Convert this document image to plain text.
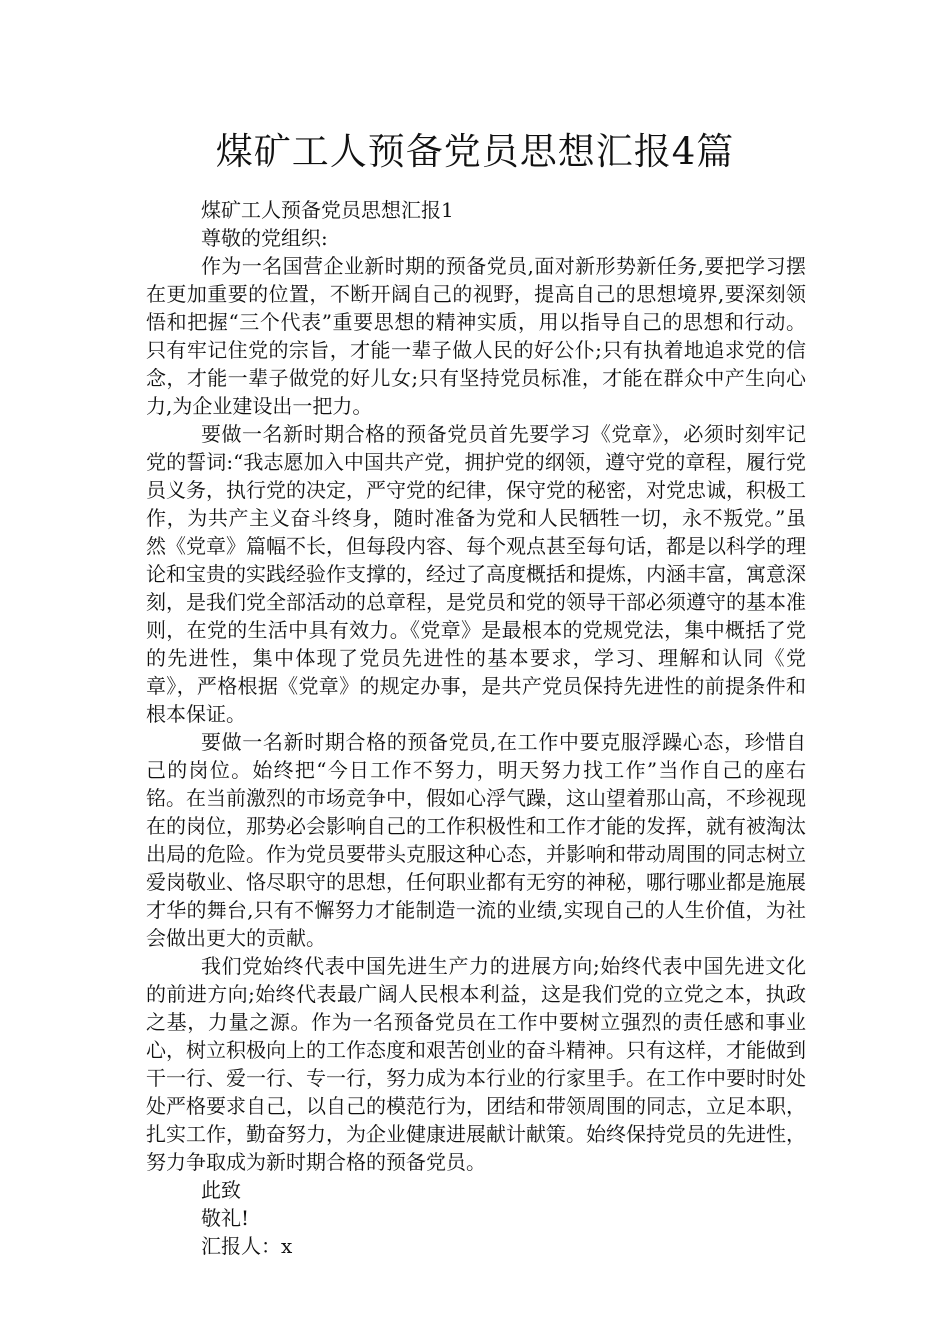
煤矿工人预备党员思想汇报4篇
煤矿工人预备党员思想汇报1
尊敬的党组织:

作为一名国营企业新时期的预备党员,面对新形势新任务,要把学习摆在更加重要的位置，不断开阔自己的视野，提高自己的思想境界,要深刻领悟和把握“三个代表”重要思想的精神实质，用以指导自己的思想和行动。只有牢记住党的宗旨，才能一辈子做人民的好公仆;只有执着地追求党的信念，才能一辈子做党的好儿女;只有坚持党员标准，才能在群众中产生向心力,为企业建设出一把力。

要做一名新时期合格的预备党员首先要学习《党章》，必须时刻牢记党的誓词:“我志愿加入中国共产党，拥护党的纲领，遵守党的章程，履行党员义务，执行党的决定，严守党的纪律，保守党的秘密，对党忠诚，积极工作，为共产主义奋斗终身，随时准备为党和人民牺牲一切，永不叛党。”虽然《党章》篇幅不长，但每段内容、每个观点甚至每句话，都是以科学的理论和宝贵的实践经验作支撑的，经过了高度概括和提炼，内涵丰富，寓意深刻，是我们党全部活动的总章程，是党员和党的领导干部必须遵守的基本准则，在党的生活中具有效力。《党章》是最根本的党规党法，集中概括了党的先进性，集中体现了党员先进性的基本要求，学习、理解和认同《党章》，严格根据《党章》的规定办事，是共产党员保持先进性的前提条件和根本保证。

要做一名新时期合格的预备党员,在工作中要克服浮躁心态，珍惜自己的岗位。始终把“今日工作不努力，明天努力找工作”当作自己的座右铭。在当前激烈的市场竞争中，假如心浮气躁，这山望着那山高，不珍视现在的岗位，那势必会影响自己的工作积极性和工作才能的发挥，就有被淘汰出局的危险。作为党员要带头克服这种心态，并影响和带动周围的同志树立爱岗敬业、恪尽职守的思想，任何职业都有无穷的神秘，哪行哪业都是施展才华的舞台,只有不懈努力才能制造一流的业绩,实现自己的人生价值，为社会做出更大的贡献。

我们党始终代表中国先进生产力的进展方向;始终代表中国先进文化的前进方向;始终代表最广阔人民根本利益，这是我们党的立党之本，执政之基，力量之源。作为一名预备党员在工作中要树立强烈的责任感和事业心，树立积极向上的工作态度和艰苦创业的奋斗精神。只有这样，才能做到干一行、爱一行、专一行，努力成为本行业的行家里手。在工作中要时时处处严格要求自己，以自己的模范行为，团结和带领周围的同志，立足本职，扎实工作，勤奋努力，为企业健康进展献计献策。始终保持党员的先进性，努力争取成为新时期合格的预备党员。

此致
敬礼!
汇报人：x
